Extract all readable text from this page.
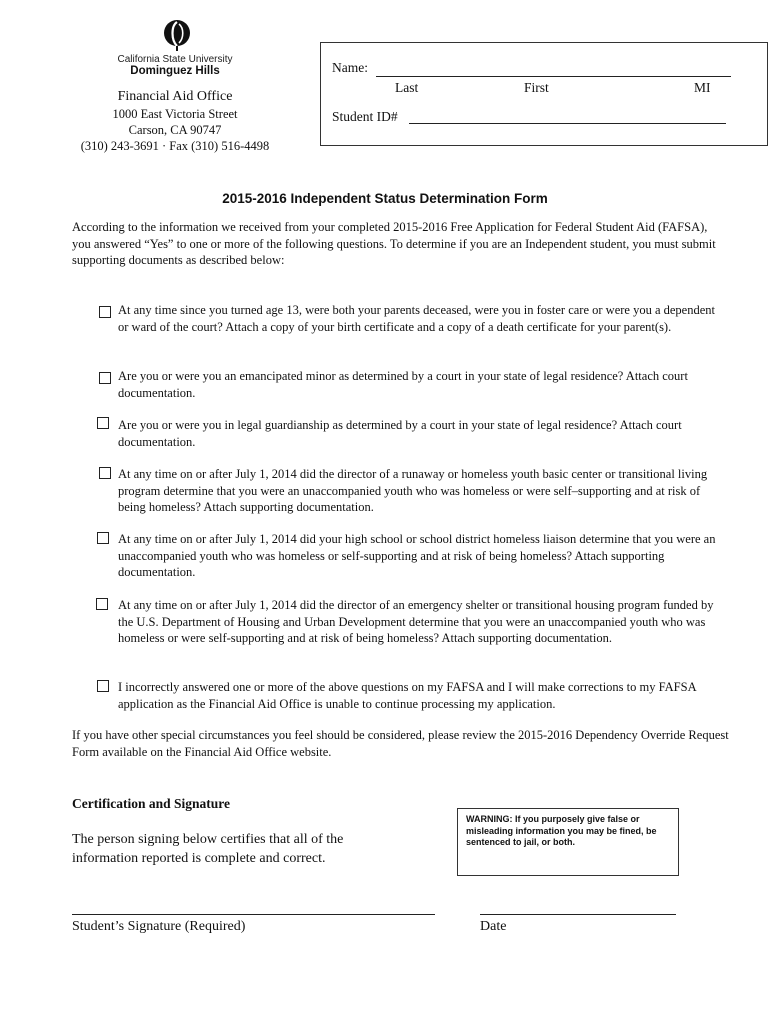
California State University
Dominguez Hills
Financial Aid Office
1000 East Victoria Street
Carson, CA 90747
(310) 243-3691 · Fax (310) 516-4498
Name:
Last	First	MI
Student ID#
2015-2016 Independent Status Determination Form
According to the information we received from your completed 2015-2016 Free Application for Federal Student Aid (FAFSA), you answered “Yes” to one or more of the following questions. To determine if you are an Independent student, you must submit supporting documents as described below:
At any time since you turned age 13, were both your parents deceased, were you in foster care or were you a dependent or ward of the court? Attach a copy of your birth certificate and a copy of a death certificate for your parent(s).
Are you or were you an emancipated minor as determined by a court in your state of legal residence? Attach court documentation.
Are you or were you in legal guardianship as determined by a court in your state of legal residence? Attach court documentation.
At any time on or after July 1, 2014 did the director of a runaway or homeless youth basic center or transitional living program determine that you were an unaccompanied youth who was homeless or were self–supporting and at risk of being homeless? Attach supporting documentation.
At any time on or after July 1, 2014 did your high school or school district homeless liaison determine that you were an unaccompanied youth who was homeless or self-supporting and at risk of being homeless? Attach supporting documentation.
At any time on or after July 1, 2014 did the director of an emergency shelter or transitional housing program funded by the U.S. Department of Housing and Urban Development determine that you were an unaccompanied youth who was homeless or were self-supporting and at risk of being homeless? Attach supporting documentation.
I incorrectly answered one or more of the above questions on my FAFSA and I will make corrections to my FAFSA application as the Financial Aid Office is unable to continue processing my application.
If you have other special circumstances you feel should be considered, please review the 2015-2016 Dependency Override Request Form available on the Financial Aid Office website.
Certification and Signature
The person signing below certifies that all of the information reported is complete and correct.
WARNING: If you purposely give false or misleading information you may be fined, be sentenced to jail, or both.
Student’s Signature (Required)	Date
